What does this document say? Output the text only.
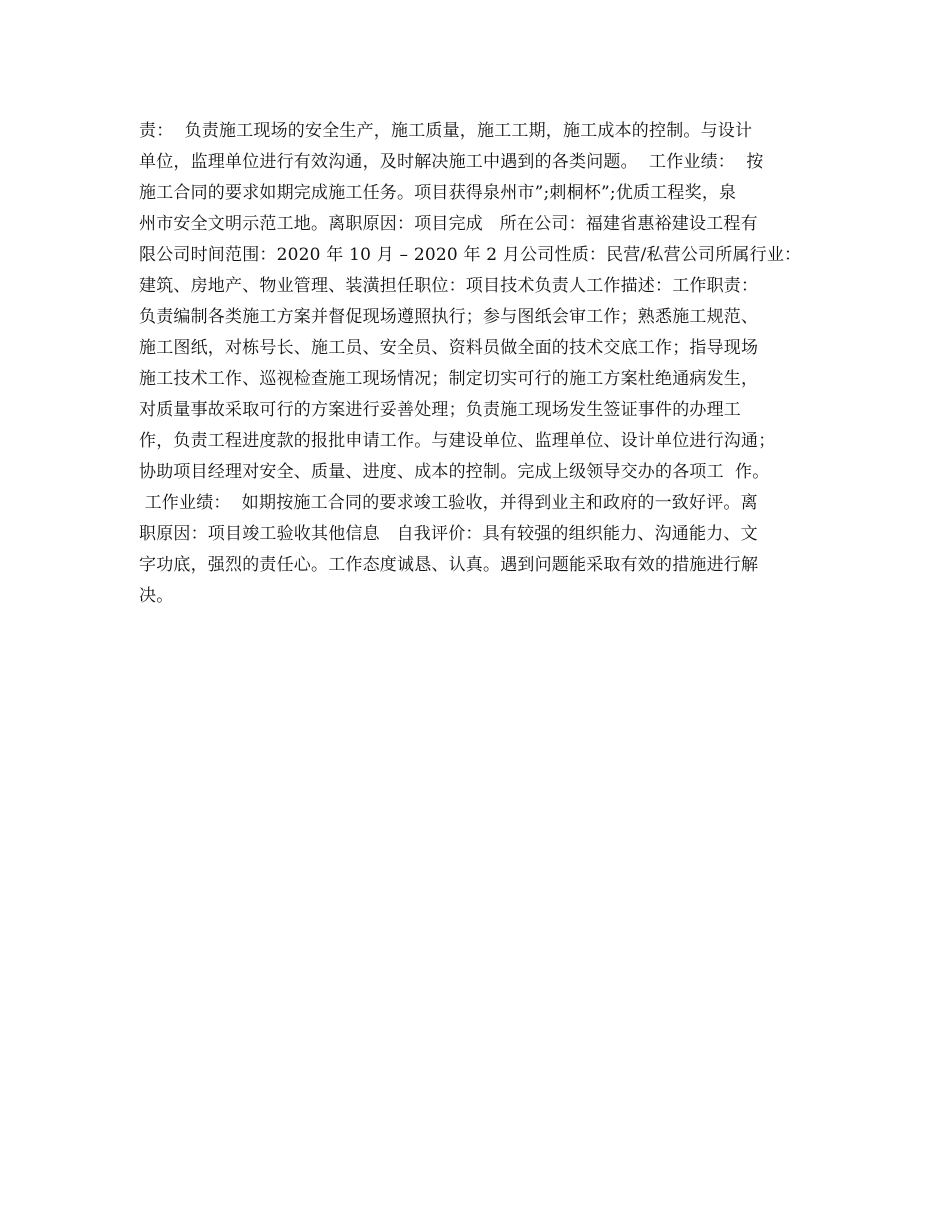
责：  负责施工现场的安全生产，施工质量，施工工期，施工成本的控制。与设计
单位，监理单位进行有效沟通，及时解决施工中遇到的各类问题。  工作业绩：  按
施工合同的要求如期完成施工任务。项目获得泉州市”;刺桐杯”;优质工程奖，泉
州市安全文明示范工地。离职原因：项目完成   所在公司：福建省惠裕建设工程有
限公司时间范围：2020 年 10 月 – 2020 年 2 月公司性质：民营/私营公司所属行业：
建筑、房地产、物业管理、装潢担任职位：项目技术负责人工作描述：工作职责：
负责编制各类施工方案并督促现场遵照执行；参与图纸会审工作；熟悉施工规范、
施工图纸，对栋号长、施工员、安全员、资料员做全面的技术交底工作；指导现场
施工技术工作、巡视检查施工现场情况；制定切实可行的施工方案杜绝通病发生，
对质量事故采取可行的方案进行妥善处理；负责施工现场发生签证事件的办理工
作，负责工程进度款的报批申请工作。与建设单位、监理单位、设计单位进行沟通；
协助项目经理对安全、质量、进度、成本的控制。完成上级领导交办的各项工  作。
工作业绩：  如期按施工合同的要求竣工验收，并得到业主和政府的一致好评。离
职原因：项目竣工验收其他信息   自我评价：具有较强的组织能力、沟通能力、文
字功底，强烈的责任心。工作态度诚恳、认真。遇到问题能采取有效的措施进行解
决。
